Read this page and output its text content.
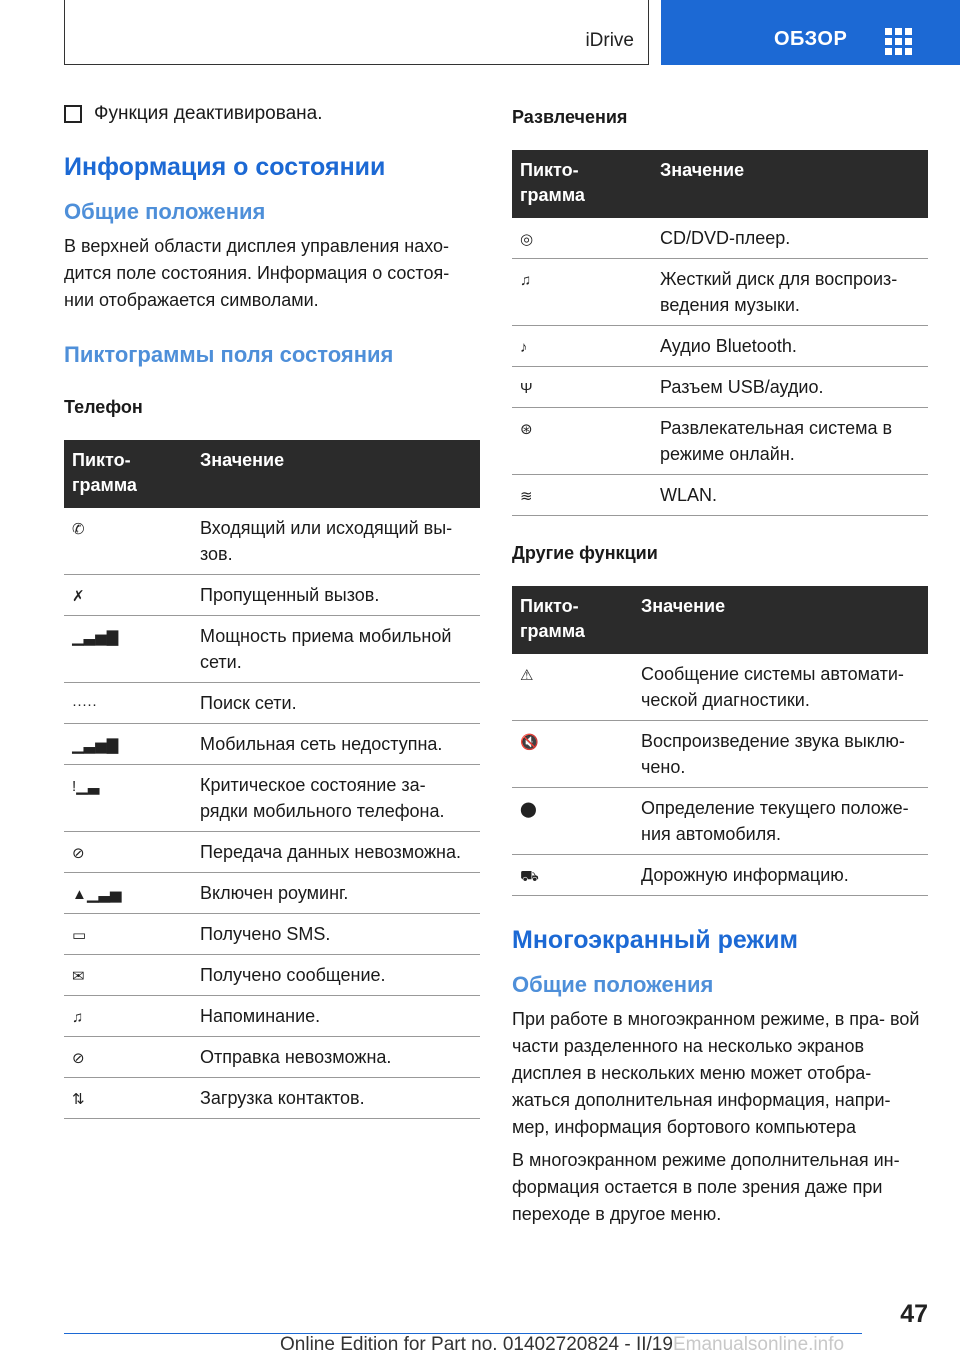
iDrive	ОБЗОР
Функция деактивирована.
Информация о состоянии
Общие положения

В верхней области дисплея управления нахо- дится поле состояния. Информация о состоя- нии отображается символами.

Пиктограммы поля состояния
Телефон
Пикто- грамма	Значение
✆	Входящий или исходящий вы- зов.
✗	Пропущенный вызов.
▁▃▅▇	Мощность приема мобильной сети.
·····	Поиск сети.
▁▃▅▇	Мобильная сеть недоступна.
!▁▃	Критическое состояние за- рядки мобильного телефона.
⊘	Передача данных невозможна.
▲▁▃▅	Включен роуминг.
▭	Получено SMS.
✉	Получено сообщение.
♫	Напоминание.
⊘	Отправка невозможна.
⇅	Загрузка контактов.
Развлечения
Пикто- грамма	Значение
◎	CD/DVD-плеер.
♫	Жесткий диск для воспроиз- ведения музыки.
♪	Аудио Bluetooth.
Ψ	Разъем USB/аудио.
⊛	Развлекательная система в режиме онлайн.
≋	WLAN.
Другие функции
Пикто- грамма	Значение
⚠	Сообщение системы автомати- ческой диагностики.
🔇	Воспроизведение звука выклю- чено.
⬤	Определение текущего положе- ния автомобиля.
⛟	Дорожную информацию.
Многоэкранный режим
Общие положения

При работе в многоэкранном режиме, в пра- вой части разделенного на несколько экранов дисплея в нескольких меню может отобра- жаться дополнительная информация, напри- мер, информация бортового компьютера

В многоэкранном режиме дополнительная ин- формация остается в поле зрения даже при переходе в другое меню.

47
Online Edition for Part no. 01402720824 - II/19Emanualsonline.info
